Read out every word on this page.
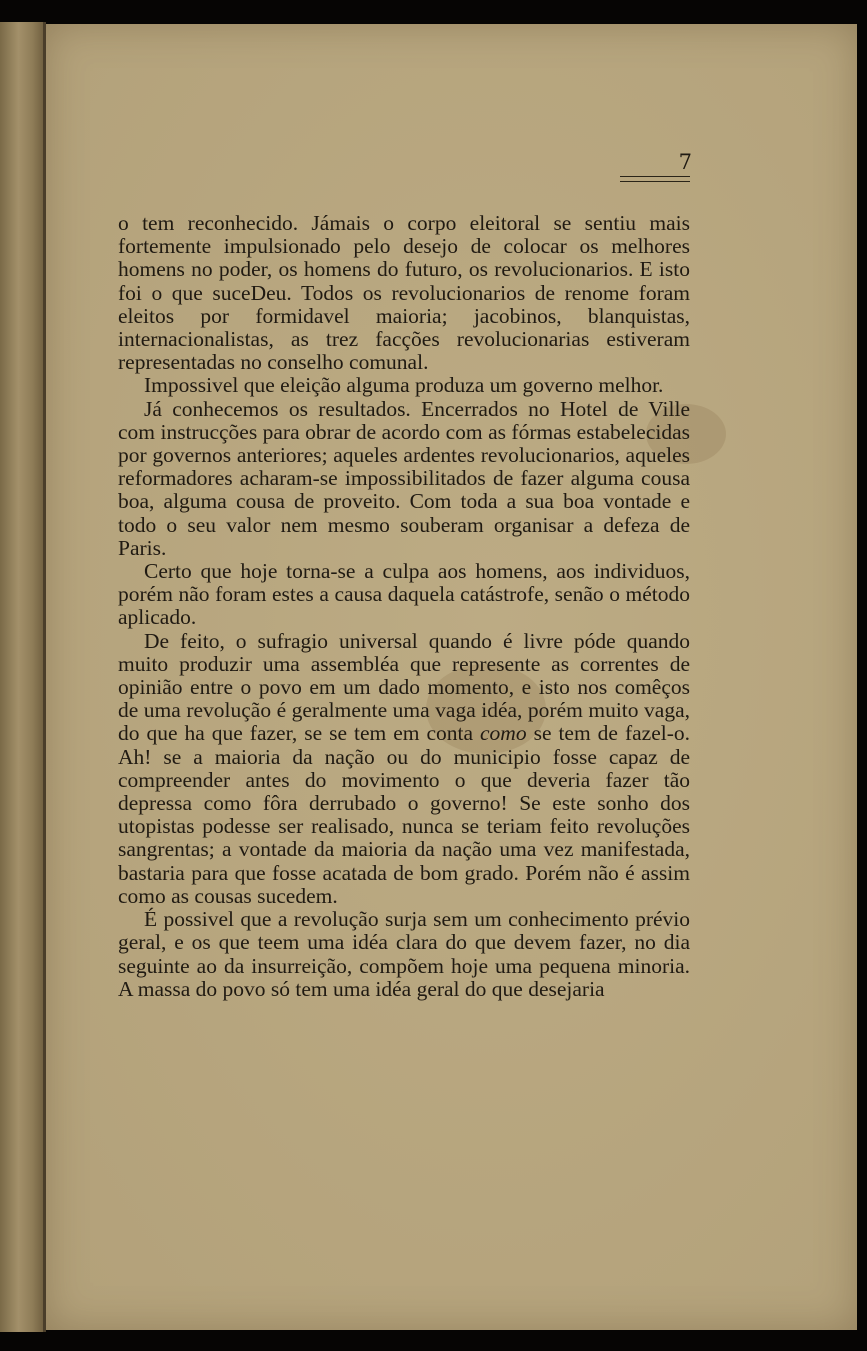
7

o tem reconhecido. Jámais o corpo eleitoral se sentiu mais fortemente impulsionado pelo desejo de colocar os melhores homens no poder, os homens do futuro, os revolucionarios. E isto foi o que suceDeu. Todos os revolucionarios de renome foram eleitos por formidavel maioria; jacobinos, blanquistas, internacionalistas, as trez facções revolucionarias estiveram representadas no conselho comunal.

Impossivel que eleição alguma produza um governo melhor.

Já conhecemos os resultados. Encerrados no Hotel de Ville com instrucções para obrar de acordo com as fórmas estabelecidas por governos anteriores; aqueles ardentes revolucionarios, aqueles reformadores acharam-se impossibilitados de fazer alguma cousa boa, alguma cousa de proveito. Com toda a sua boa vontade e todo o seu valor nem mesmo souberam organisar a defeza de Paris.

Certo que hoje torna-se a culpa aos homens, aos individuos, porém não foram estes a causa daquela catástrofe, senão o método aplicado.

De feito, o sufragio universal quando é livre póde quando muito produzir uma assembléa que represente as correntes de opinião entre o povo em um dado momento, e isto nos comêços de uma revolução é geralmente uma vaga idéa, porém muito vaga, do que ha que fazer, se se tem em conta como se tem de fazel-o. Ah! se a maioria da nação ou do municipio fosse capaz de compreender antes do movimento o que deveria fazer tão depressa como fôra derrubado o governo! Se este sonho dos utopistas podesse ser realisado, nunca se teriam feito revoluções sangrentas; a vontade da maioria da nação uma vez manifestada, bastaria para que fosse acatada de bom grado. Porém não é assim como as cousas sucedem.

É possivel que a revolução surja sem um conhecimento prévio geral, e os que teem uma idéa clara do que devem fazer, no dia seguinte ao da insurreição, compõem hoje uma pequena minoria. A massa do povo só tem uma idéa geral do que desejaria
